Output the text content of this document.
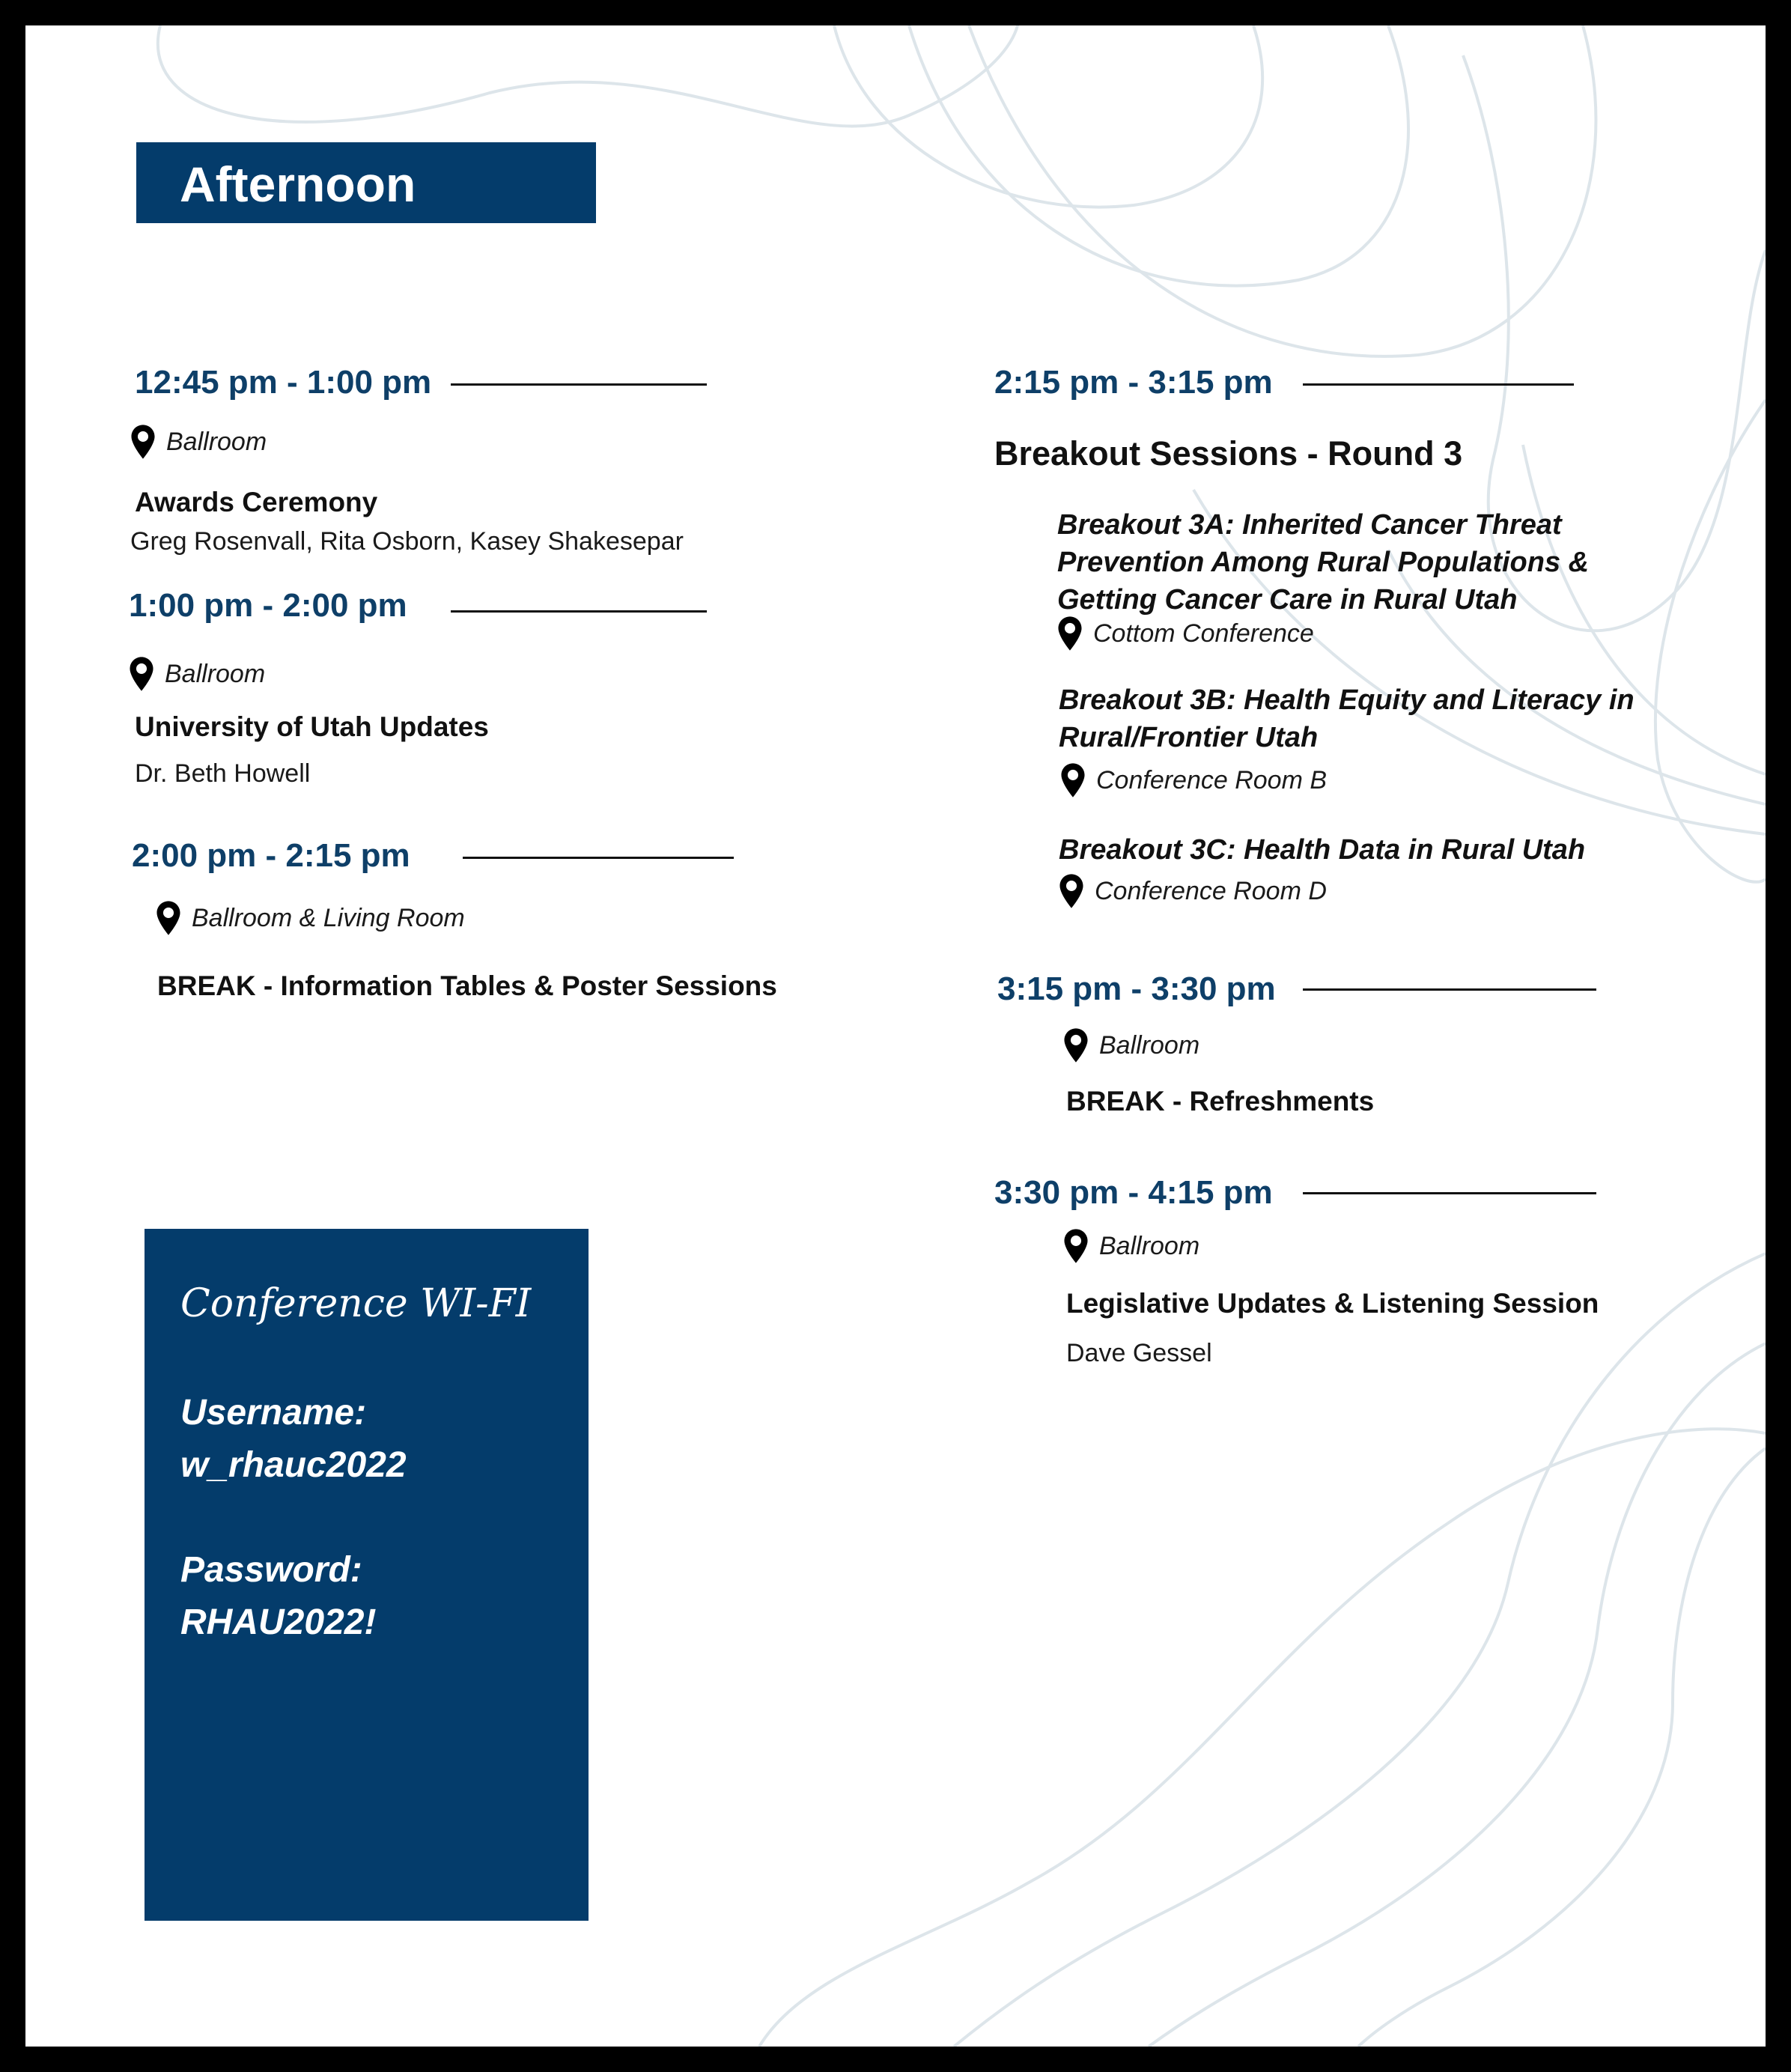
Afternoon
12:45 pm - 1:00 pm
Ballroom
Awards Ceremony
Greg Rosenvall, Rita Osborn, Kasey Shakesepar
1:00 pm - 2:00 pm
Ballroom
University of Utah Updates
Dr. Beth Howell
2:00 pm - 2:15 pm
Ballroom & Living Room
BREAK - Information Tables & Poster Sessions
Conference WI-FI
Username:
w_rhauc2022
Password:
RHAU2022!
2:15 pm - 3:15 pm
Breakout Sessions - Round 3
Breakout 3A: Inherited Cancer Threat
Prevention Among Rural Populations &
Getting Cancer Care in Rural Utah
Cottom Conference
Breakout 3B: Health Equity and Literacy in
Rural/Frontier Utah
Conference Room B
Breakout 3C: Health Data in Rural Utah
Conference Room D
3:15 pm - 3:30 pm
Ballroom
BREAK - Refreshments
3:30 pm - 4:15 pm
Ballroom
Legislative Updates & Listening Session
Dave Gessel
